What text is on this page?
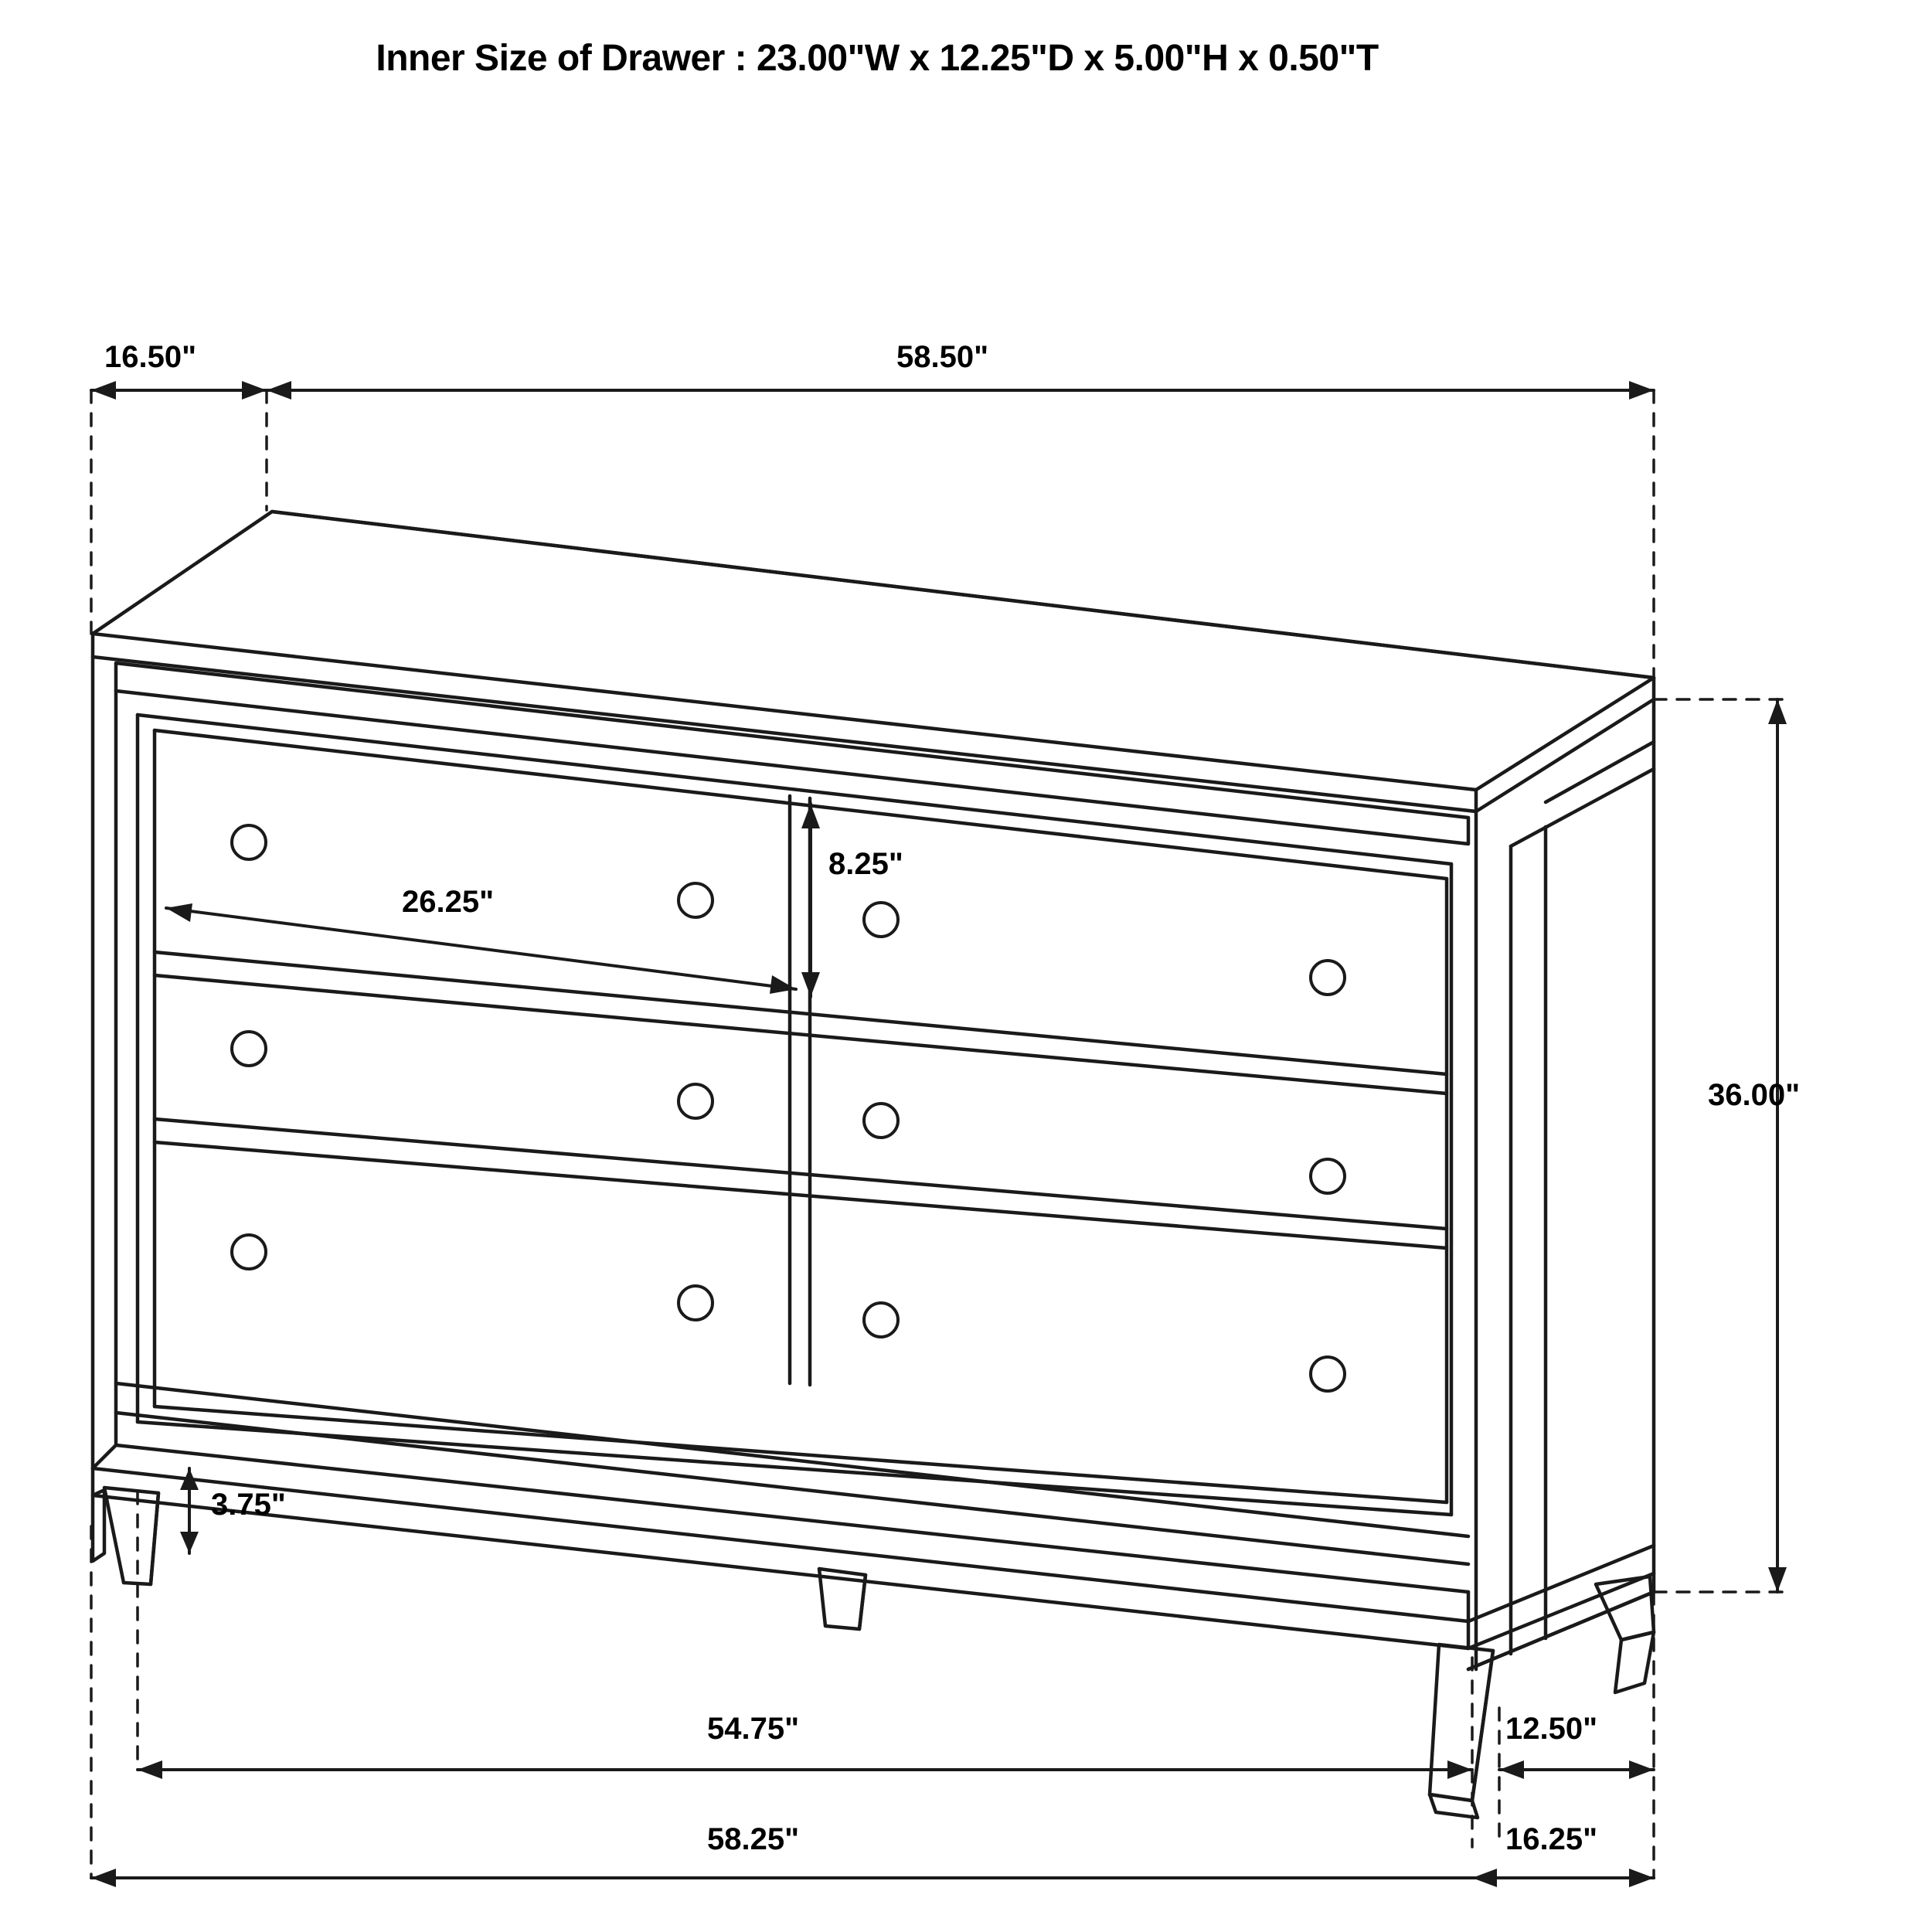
Inner Size of Drawer : 23.00"W x 12.25"D x 5.00"H x 0.50"T
16.50"	58.50"
36.00"
26.25"
8.25"
3.75"
54.75"
58.25"
12.50"
16.25"
